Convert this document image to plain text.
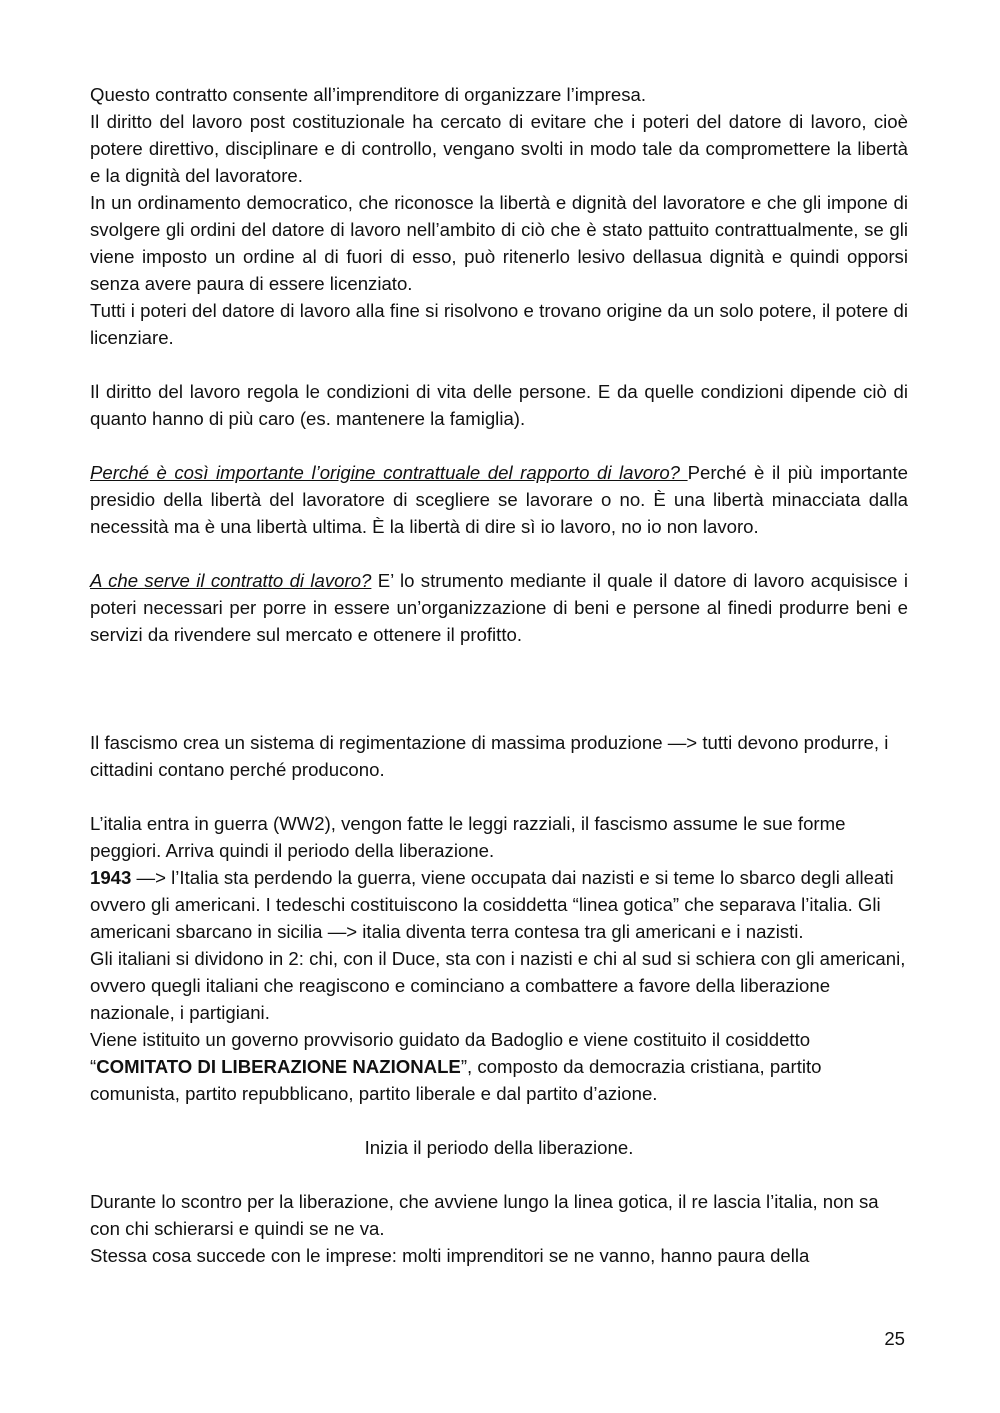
Questo contratto consente all’imprenditore di organizzare l’impresa.

Il diritto del lavoro post costituzionale ha cercato di evitare che i poteri del datore di lavoro, cioè potere direttivo, disciplinare e di controllo, vengano svolti in modo tale da compromettere la libertà e la dignità del lavoratore.

In un ordinamento democratico, che riconosce la libertà e dignità del lavoratore e che gli impone di svolgere gli ordini del datore di lavoro nell’ambito di ciò che è stato pattuito contrattualmente, se gli viene imposto un ordine al di fuori di esso, può ritenerlo lesivo dellasua dignità e quindi opporsi senza avere paura di essere licenziato.

Tutti i poteri del datore di lavoro alla fine si risolvono e trovano origine da un solo potere, il potere di licenziare.

Il diritto del lavoro regola le condizioni di vita delle persone. E da quelle condizioni dipende ciò di quanto hanno di più caro (es. mantenere la famiglia).

Perché è così importante l’origine contrattuale del rapporto di lavoro? Perché è il più importante presidio della libertà del lavoratore di scegliere se lavorare o no. È una libertà minacciata dalla necessità ma è una libertà ultima. È la libertà di dire sì io lavoro, no io non lavoro.

A che serve il contratto di lavoro? E’ lo strumento mediante il quale il datore di lavoro acquisisce i poteri necessari per porre in essere un’organizzazione di beni e persone al finedi produrre beni e servizi da rivendere sul mercato e ottenere il profitto.

Il fascismo crea un sistema di regimentazione di massima produzione —> tutti devono produrre, i cittadini contano perché producono.

L’italia entra in guerra (WW2), vengon fatte le leggi razziali, il fascismo assume le sue forme peggiori. Arriva quindi il periodo della liberazione.

1943 —> l’Italia sta perdendo la guerra, viene occupata dai nazisti e si teme lo sbarco degli alleati ovvero gli americani. I tedeschi costituiscono la cosiddetta “linea gotica” che separava l’italia. Gli americani sbarcano in sicilia —> italia diventa terra contesa tra gli americani e i nazisti.

Gli italiani si dividono in 2: chi, con il Duce, sta con i nazisti e chi al sud si schiera con gli americani, ovvero quegli italiani che reagiscono e cominciano a combattere a favore della liberazione nazionale, i partigiani.

Viene istituito un governo provvisorio guidato da Badoglio e viene costituito il cosiddetto
“COMITATO DI LIBERAZIONE NAZIONALE”, composto da democrazia cristiana, partito comunista, partito repubblicano, partito liberale e dal partito d’azione.

Inizia il periodo della liberazione.

Durante lo scontro per la liberazione, che avviene lungo la linea gotica, il re lascia l’italia, non sa con chi schierarsi e quindi se ne va.

Stessa cosa succede con le imprese: molti imprenditori se ne vanno, hanno paura della

25
